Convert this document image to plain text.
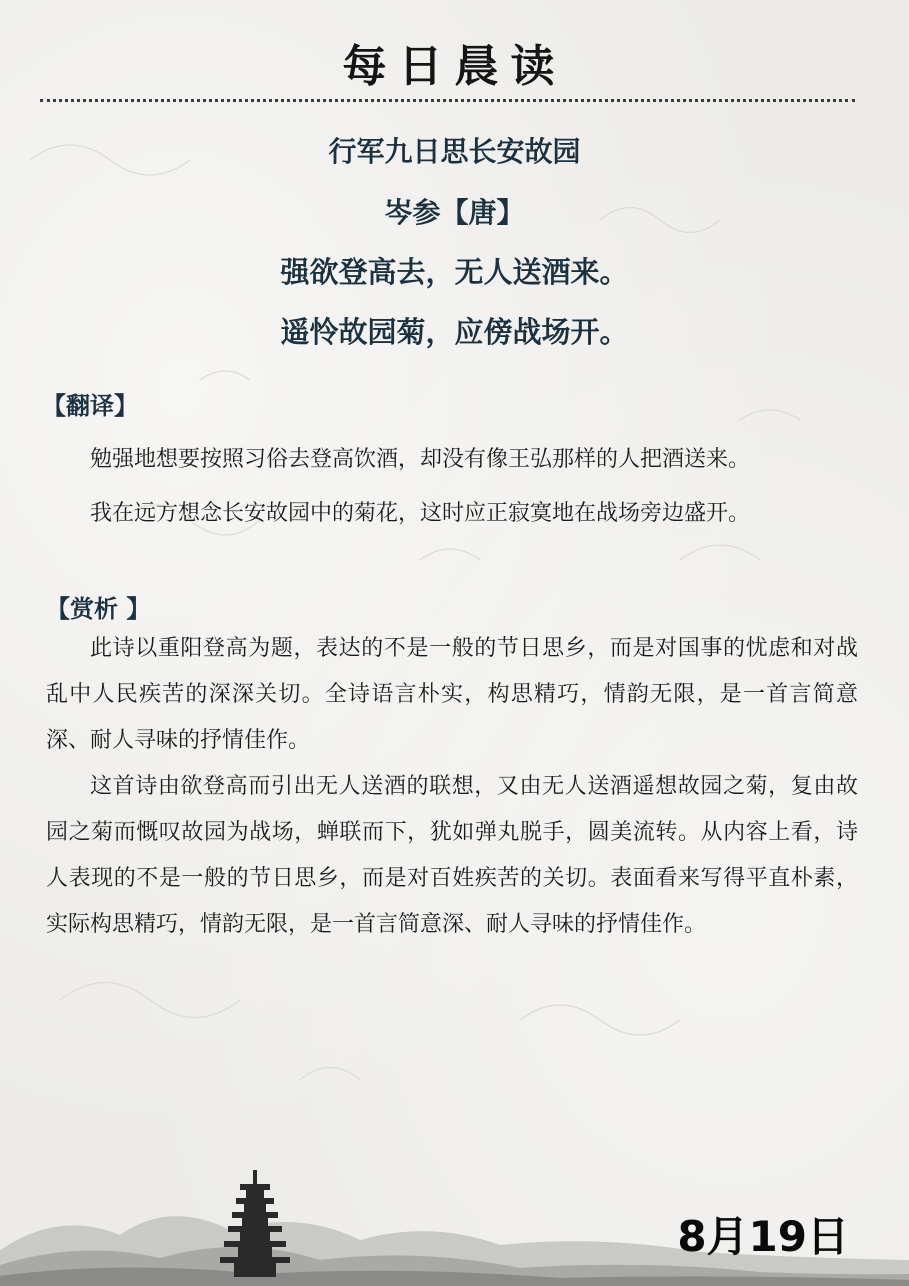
每日晨读
行军九日思长安故园
岑参【唐】
强欲登高去，无人送酒来。
遥怜故园菊，应傍战场开。
【翻译】
勉强地想要按照习俗去登高饮酒，却没有像王弘那样的人把酒送来。
我在远方想念长安故园中的菊花，这时应正寂寞地在战场旁边盛开。
【赏析 】

此诗以重阳登高为题，表达的不是一般的节日思乡，而是对国事的忧虑和对战乱中人民疾苦的深深关切。全诗语言朴实，构思精巧，情韵无限，是一首言简意深、耐人寻味的抒情佳作。

这首诗由欲登高而引出无人送酒的联想，又由无人送酒遥想故园之菊，复由故园之菊而慨叹故园为战场，蝉联而下，犹如弹丸脱手，圆美流转。从内容上看，诗人表现的不是一般的节日思乡，而是对百姓疾苦的关切。表面看来写得平直朴素，实际构思精巧，情韵无限，是一首言简意深、耐人寻味的抒情佳作。

8月19日
